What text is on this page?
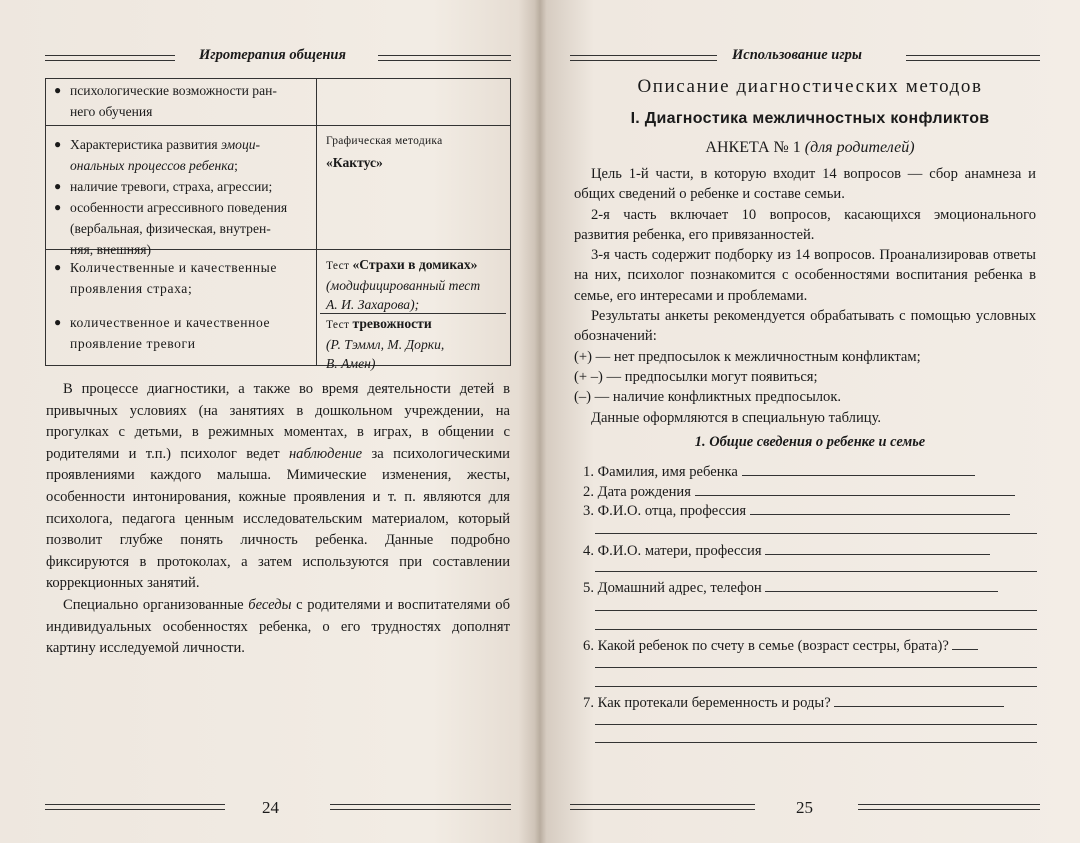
Игротерапия общения
● психологические возможности ран-
него обучения
● Характеристика развития эмоци-
ональных процессов ребенка;
● наличие тревоги, страха, агрессии;
● особенности агрессивного поведения
(вербальная, физическая, внутрен-
няя, внешняя)
Графическая методика
«Кактус»
● Количественные и качественные
проявления страха;
● количественное и качественное
проявление тревоги
Тест «Страхи в домиках»
(модифицированный тест
А. И. Захарова);
Тест тревожности
(Р. Тэммл, М. Дорки,
В. Амен)

В процессе диагностики, а также во время деятельности детей в привычных условиях (на занятиях в дошкольном учреждении, на прогулках с детьми, в режимных моментах, в играх, в общении с родителями и т.п.) психолог ведет наблюдение за психологическими проявлениями каждого малыша. Мимические изменения, жесты, особенности интонирования, кожные проявления и т. п. являются для психолога, педагога ценным исследовательским материалом, который позволит глубже понять личность ребенка. Данные подробно фиксируются в протоколах, а затем используются при составлении коррекционных занятий.

Специально организованные беседы с родителями и воспитателями об индивидуальных особенностях ребенка, о его трудностях дополнят картину исследуемой личности.

24
Использование игры
Описание диагностических методов
I. Диагностика межличностных конфликтов
АНКЕТА № 1 (для родителей)

Цель 1-й части, в которую входит 14 вопросов — сбор анамнеза и общих сведений о ребенке и составе семьи.

2-я часть включает 10 вопросов, касающихся эмоционального развития ребенка, его привязанностей.

3-я часть содержит подборку из 14 вопросов. Проанализировав ответы на них, психолог познакомится с особенностями воспитания ребенка в семье, его интересами и проблемами.

Результаты анкеты рекомендуется обрабатывать с помощью условных обозначений:

(+) — нет предпосылок к межличностным конфликтам;

(+ –) — предпосылки могут появиться;

(–) — наличие конфликтных предпосылок.

Данные оформляются в специальную таблицу.

1. Общие сведения о ребенке и семье
1. Фамилия, имя ребенка
2. Дата рождения
3. Ф.И.О. отца, профессия
4. Ф.И.О. матери, профессия
5. Домашний адрес, телефон
6. Какой ребенок по счету в семье (возраст сестры, брата)?
7. Как протекали беременность и роды?
25
